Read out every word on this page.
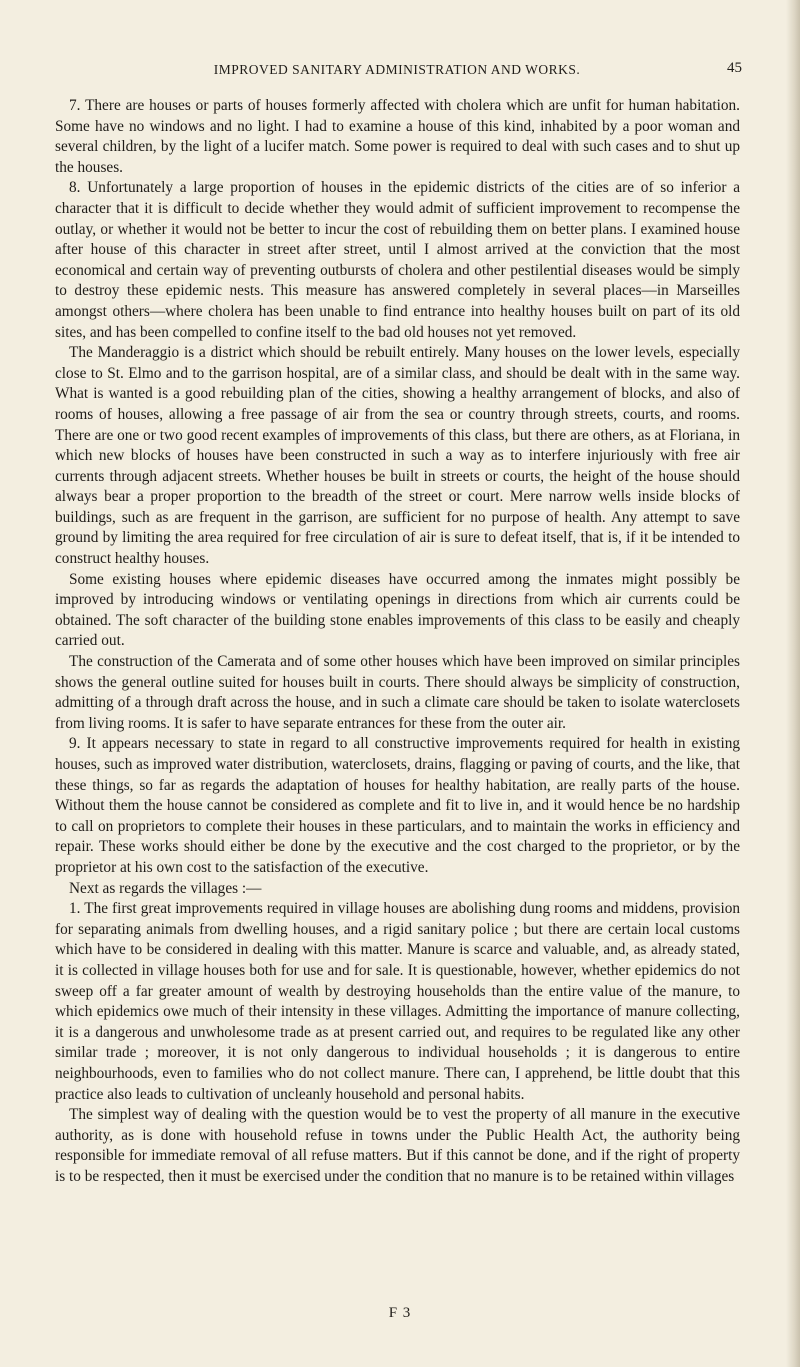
IMPROVED SANITARY ADMINISTRATION AND WORKS.	45

7. There are houses or parts of houses formerly affected with cholera which are unfit for human habitation. Some have no windows and no light. I had to examine a house of this kind, inhabited by a poor woman and several children, by the light of a lucifer match. Some power is required to deal with such cases and to shut up the houses.

8. Unfortunately a large proportion of houses in the epidemic districts of the cities are of so inferior a character that it is difficult to decide whether they would admit of sufficient improvement to recompense the outlay, or whether it would not be better to incur the cost of rebuilding them on better plans. I examined house after house of this character in street after street, until I almost arrived at the conviction that the most economical and certain way of preventing outbursts of cholera and other pestilential diseases would be simply to destroy these epidemic nests. This measure has answered completely in several places—in Marseilles amongst others—where cholera has been unable to find entrance into healthy houses built on part of its old sites, and has been compelled to confine itself to the bad old houses not yet removed.

The Manderaggio is a district which should be rebuilt entirely. Many houses on the lower levels, especially close to St. Elmo and to the garrison hospital, are of a similar class, and should be dealt with in the same way. What is wanted is a good rebuilding plan of the cities, showing a healthy arrangement of blocks, and also of rooms of houses, allowing a free passage of air from the sea or country through streets, courts, and rooms. There are one or two good recent examples of improvements of this class, but there are others, as at Floriana, in which new blocks of houses have been constructed in such a way as to interfere injuriously with free air currents through adjacent streets. Whether houses be built in streets or courts, the height of the house should always bear a proper proportion to the breadth of the street or court. Mere narrow wells inside blocks of buildings, such as are frequent in the garrison, are sufficient for no purpose of health. Any attempt to save ground by limiting the area required for free circulation of air is sure to defeat itself, that is, if it be intended to construct healthy houses.

Some existing houses where epidemic diseases have occurred among the inmates might possibly be improved by introducing windows or ventilating openings in directions from which air currents could be obtained. The soft character of the building stone enables improvements of this class to be easily and cheaply carried out.

The construction of the Camerata and of some other houses which have been improved on similar principles shows the general outline suited for houses built in courts. There should always be simplicity of construction, admitting of a through draft across the house, and in such a climate care should be taken to isolate waterclosets from living rooms. It is safer to have separate entrances for these from the outer air.

9. It appears necessary to state in regard to all constructive improvements required for health in existing houses, such as improved water distribution, waterclosets, drains, flagging or paving of courts, and the like, that these things, so far as regards the adaptation of houses for healthy habitation, are really parts of the house. Without them the house cannot be considered as complete and fit to live in, and it would hence be no hardship to call on proprietors to complete their houses in these particulars, and to maintain the works in efficiency and repair. These works should either be done by the executive and the cost charged to the proprietor, or by the proprietor at his own cost to the satisfaction of the executive.

Next as regards the villages :—

1. The first great improvements required in village houses are abolishing dung rooms and middens, provision for separating animals from dwelling houses, and a rigid sanitary police ; but there are certain local customs which have to be considered in dealing with this matter. Manure is scarce and valuable, and, as already stated, it is collected in village houses both for use and for sale. It is questionable, however, whether epidemics do not sweep off a far greater amount of wealth by destroying households than the entire value of the manure, to which epidemics owe much of their intensity in these villages. Admitting the importance of manure collecting, it is a dangerous and unwholesome trade as at present carried out, and requires to be regulated like any other similar trade ; moreover, it is not only dangerous to individual households ; it is dangerous to entire neighbourhoods, even to families who do not collect manure. There can, I apprehend, be little doubt that this practice also leads to cultivation of uncleanly household and personal habits.

The simplest way of dealing with the question would be to vest the property of all manure in the executive authority, as is done with household refuse in towns under the Public Health Act, the authority being responsible for immediate removal of all refuse matters. But if this cannot be done, and if the right of property is to be respected, then it must be exercised under the condition that no manure is to be retained within villages

F 3
